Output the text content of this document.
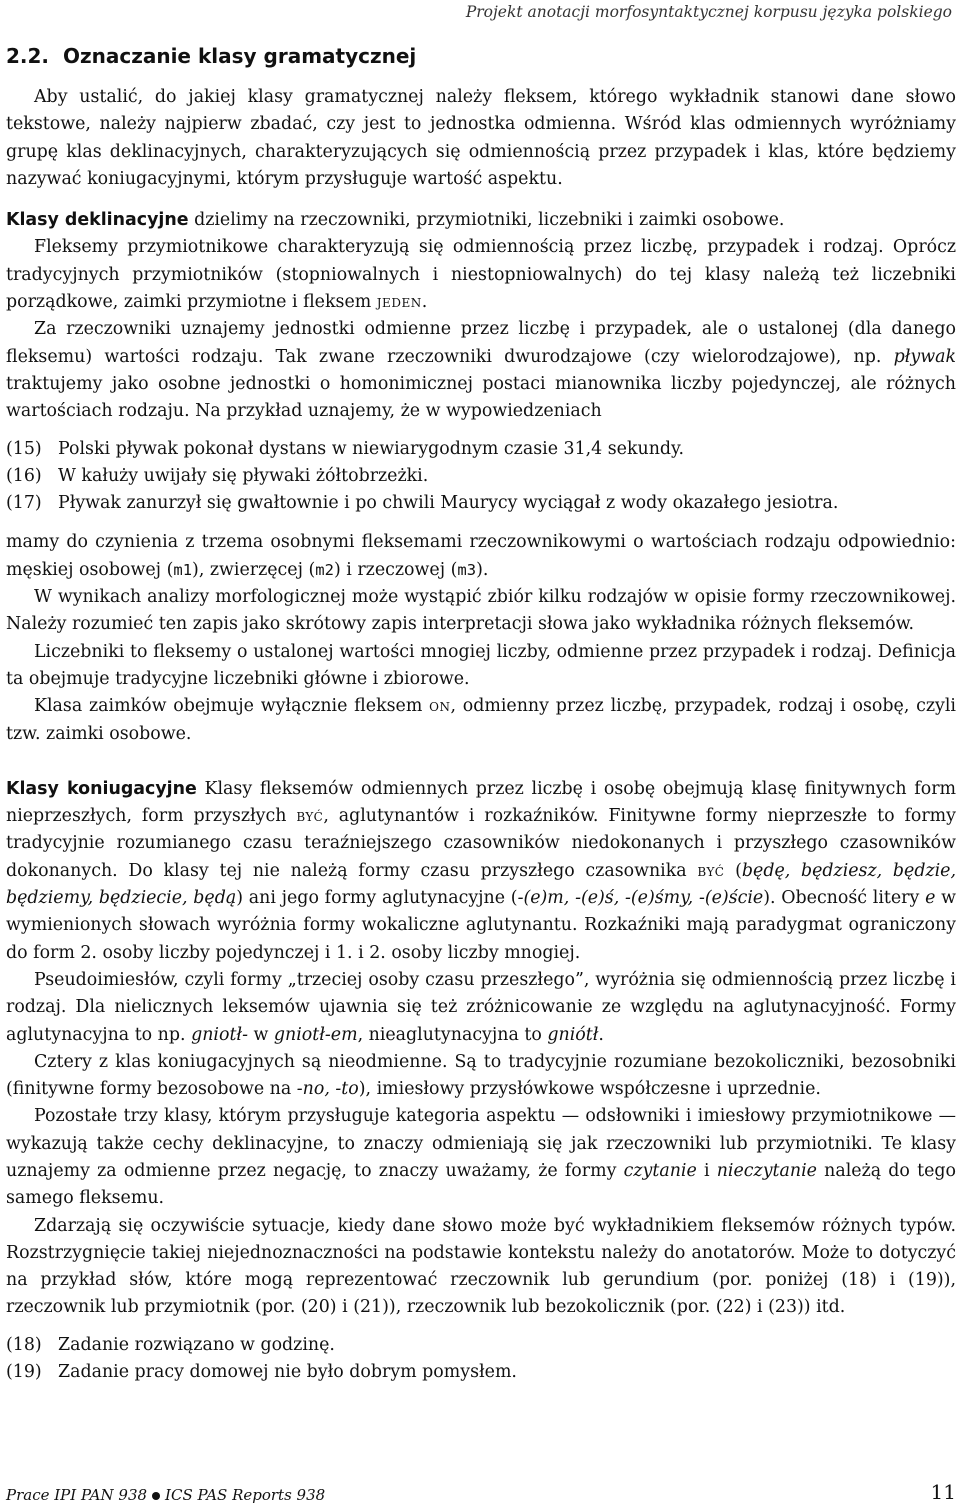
Projekt anotacji morfosyntaktycznej korpusu języka polskiego
2.2. Oznaczanie klasy gramatycznej

Aby ustalić, do jakiej klasy gramatycznej należy fleksem, którego wykładnik stanowi dane słowo tekstowe, należy najpierw zbadać, czy jest to jednostka odmienna. Wśród klas odmiennych wyróżniamy grupę klas deklinacyjnych, charakteryzujących się odmiennością przez przypadek i klas, które będziemy nazywać koniugacyjnymi, którym przysługuje wartość aspektu.

Klasy deklinacyjne dzielimy na rzeczowniki, przymiotniki, liczebniki i zaimki osobowe.

Fleksemy przymiotnikowe charakteryzują się odmiennością przez liczbę, przypadek i rodzaj. Oprócz tradycyjnych przymiotników (stopniowalnych i niestopniowalnych) do tej klasy należą też liczebniki porządkowe, zaimki przymiotne i fleksem jeden.

Za rzeczowniki uznajemy jednostki odmienne przez liczbę i przypadek, ale o ustalonej (dla danego fleksemu) wartości rodzaju. Tak zwane rzeczowniki dwurodzajowe (czy wielorodzajowe), np. pływak traktujemy jako osobne jednostki o homonimicznej postaci mianownika liczby pojedynczej, ale różnych wartościach rodzaju. Na przykład uznajemy, że w wypowiedzeniach

(15) Polski pływak pokonał dystans w niewiarygodnym czasie 31,4 sekundy.
(16) W kałuży uwijały się pływaki żółtobrzeżki.
(17) Pływak zanurzył się gwałtownie i po chwili Maurycy wyciągał z wody okazałego jesiotra.

mamy do czynienia z trzema osobnymi fleksemami rzeczownikowymi o wartościach rodzaju odpowiednio: męskiej osobowej (m1), zwierzęcej (m2) i rzeczowej (m3).

W wynikach analizy morfologicznej może wystąpić zbiór kilku rodzajów w opisie formy rzeczownikowej. Należy rozumieć ten zapis jako skrótowy zapis interpretacji słowa jako wykładnika różnych fleksemów.

Liczebniki to fleksemy o ustalonej wartości mnogiej liczby, odmienne przez przypadek i rodzaj. Definicja ta obejmuje tradycyjne liczebniki główne i zbiorowe.

Klasa zaimków obejmuje wyłącznie fleksem on, odmienny przez liczbę, przypadek, rodzaj i osobę, czyli tzw. zaimki osobowe.

Klasy koniugacyjne Klasy fleksemów odmiennych przez liczbę i osobę obejmują klasę finitywnych form nieprzeszłych, form przyszłych być, aglutynantów i rozkaźników. Finitywne formy nieprzeszłe to formy tradycyjnie rozumianego czasu teraźniejszego czasowników niedokonanych i przyszłego czasowników dokonanych. Do klasy tej nie należą formy czasu przyszłego czasownika być (będę, będziesz, będzie, będziemy, będziecie, będą) ani jego formy aglutynacyjne (-(e)m, -(e)ś, -(e)śmy, -(e)ście). Obecność litery e w wymienionych słowach wyróżnia formy wokaliczne aglutynantu. Rozkaźniki mają paradygmat ograniczony do form 2. osoby liczby pojedynczej i 1. i 2. osoby liczby mnogiej.

Pseudoimiesłów, czyli formy „trzeciej osoby czasu przeszłego”, wyróżnia się odmiennością przez liczbę i rodzaj. Dla nielicznych leksemów ujawnia się też zróżnicowanie ze względu na aglutynacyjność. Formy aglutynacyjna to np. gniotł- w gniotł-em, nieaglutynacyjna to gniótł.

Cztery z klas koniugacyjnych są nieodmienne. Są to tradycyjnie rozumiane bezokoliczniki, bezosobniki (finitywne formy bezosobowe na -no, -to), imiesłowy przysłówkowe współczesne i uprzednie.

Pozostałe trzy klasy, którym przysługuje kategoria aspektu — odsłowniki i imiesłowy przymiotnikowe — wykazują także cechy deklinacyjne, to znaczy odmieniają się jak rzeczowniki lub przymiotniki. Te klasy uznajemy za odmienne przez negację, to znaczy uważamy, że formy czytanie i nieczytanie należą do tego samego fleksemu.

Zdarzają się oczywiście sytuacje, kiedy dane słowo może być wykładnikiem fleksemów różnych typów. Rozstrzygnięcie takiej niejednoznaczności na podstawie kontekstu należy do anotatorów. Może to dotyczyć na przykład słów, które mogą reprezentować rzeczownik lub gerundium (por. poniżej (18) i (19)), rzeczownik lub przymiotnik (por. (20) i (21)), rzeczownik lub bezokolicznik (por. (22) i (23)) itd.

(18) Zadanie rozwiązano w godzinę.
(19) Zadanie pracy domowej nie było dobrym pomysłem.
Prace IPI PAN 938 ICS PAS Reports 938	11
